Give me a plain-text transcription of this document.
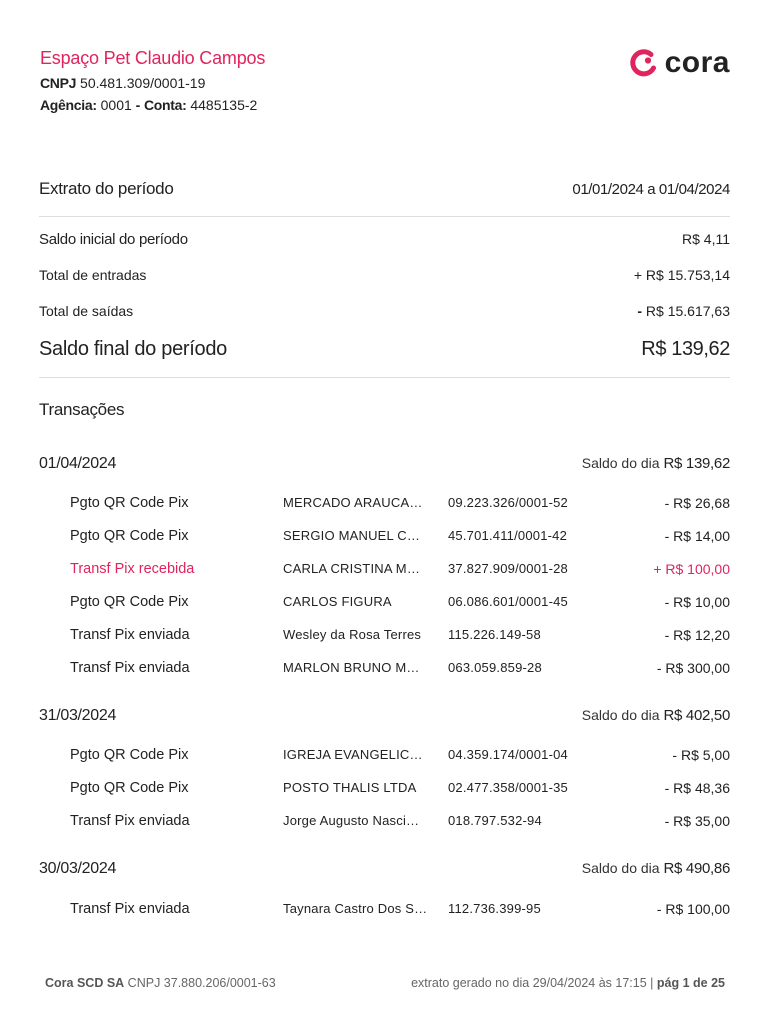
Espaço Pet Claudio Campos
CNPJ 50.481.309/0001-19
Agência: 0001 - Conta: 4485135-2
cora
Extrato do período	01/01/2024 a 01/04/2024
Saldo inicial do período	R$ 4,11
Total de entradas	+ R$ 15.753,14
Total de saídas	- R$ 15.617,63
Saldo final do período	R$ 139,62
Transações
01/04/2024	Saldo do dia R$ 139,62
Pgto QR Code Pix	MERCADO ARAUCA…	09.223.326/0001-52	- R$ 26,68
Pgto QR Code Pix	SERGIO MANUEL C…	45.701.411/0001-42	- R$ 14,00
Transf Pix recebida	CARLA CRISTINA M…	37.827.909/0001-28	+ R$ 100,00
Pgto QR Code Pix	CARLOS FIGURA	06.086.601/0001-45	- R$ 10,00
Transf Pix enviada	Wesley da Rosa Terres	115.226.149-58	- R$ 12,20
Transf Pix enviada	MARLON BRUNO M…	063.059.859-28	- R$ 300,00
31/03/2024	Saldo do dia R$ 402,50
Pgto QR Code Pix	IGREJA EVANGELIC…	04.359.174/0001-04	- R$ 5,00
Pgto QR Code Pix	POSTO THALIS LTDA	02.477.358/0001-35	- R$ 48,36
Transf Pix enviada	Jorge Augusto Nasci…	018.797.532-94	- R$ 35,00
30/03/2024	Saldo do dia R$ 490,86
Transf Pix enviada	Taynara Castro Dos S… 112.736.399-95	- R$ 100,00
Cora SCD SA CNPJ 37.880.206/0001-63	extrato gerado no dia 29/04/2024 às 17:15 | pág 1 de 25
